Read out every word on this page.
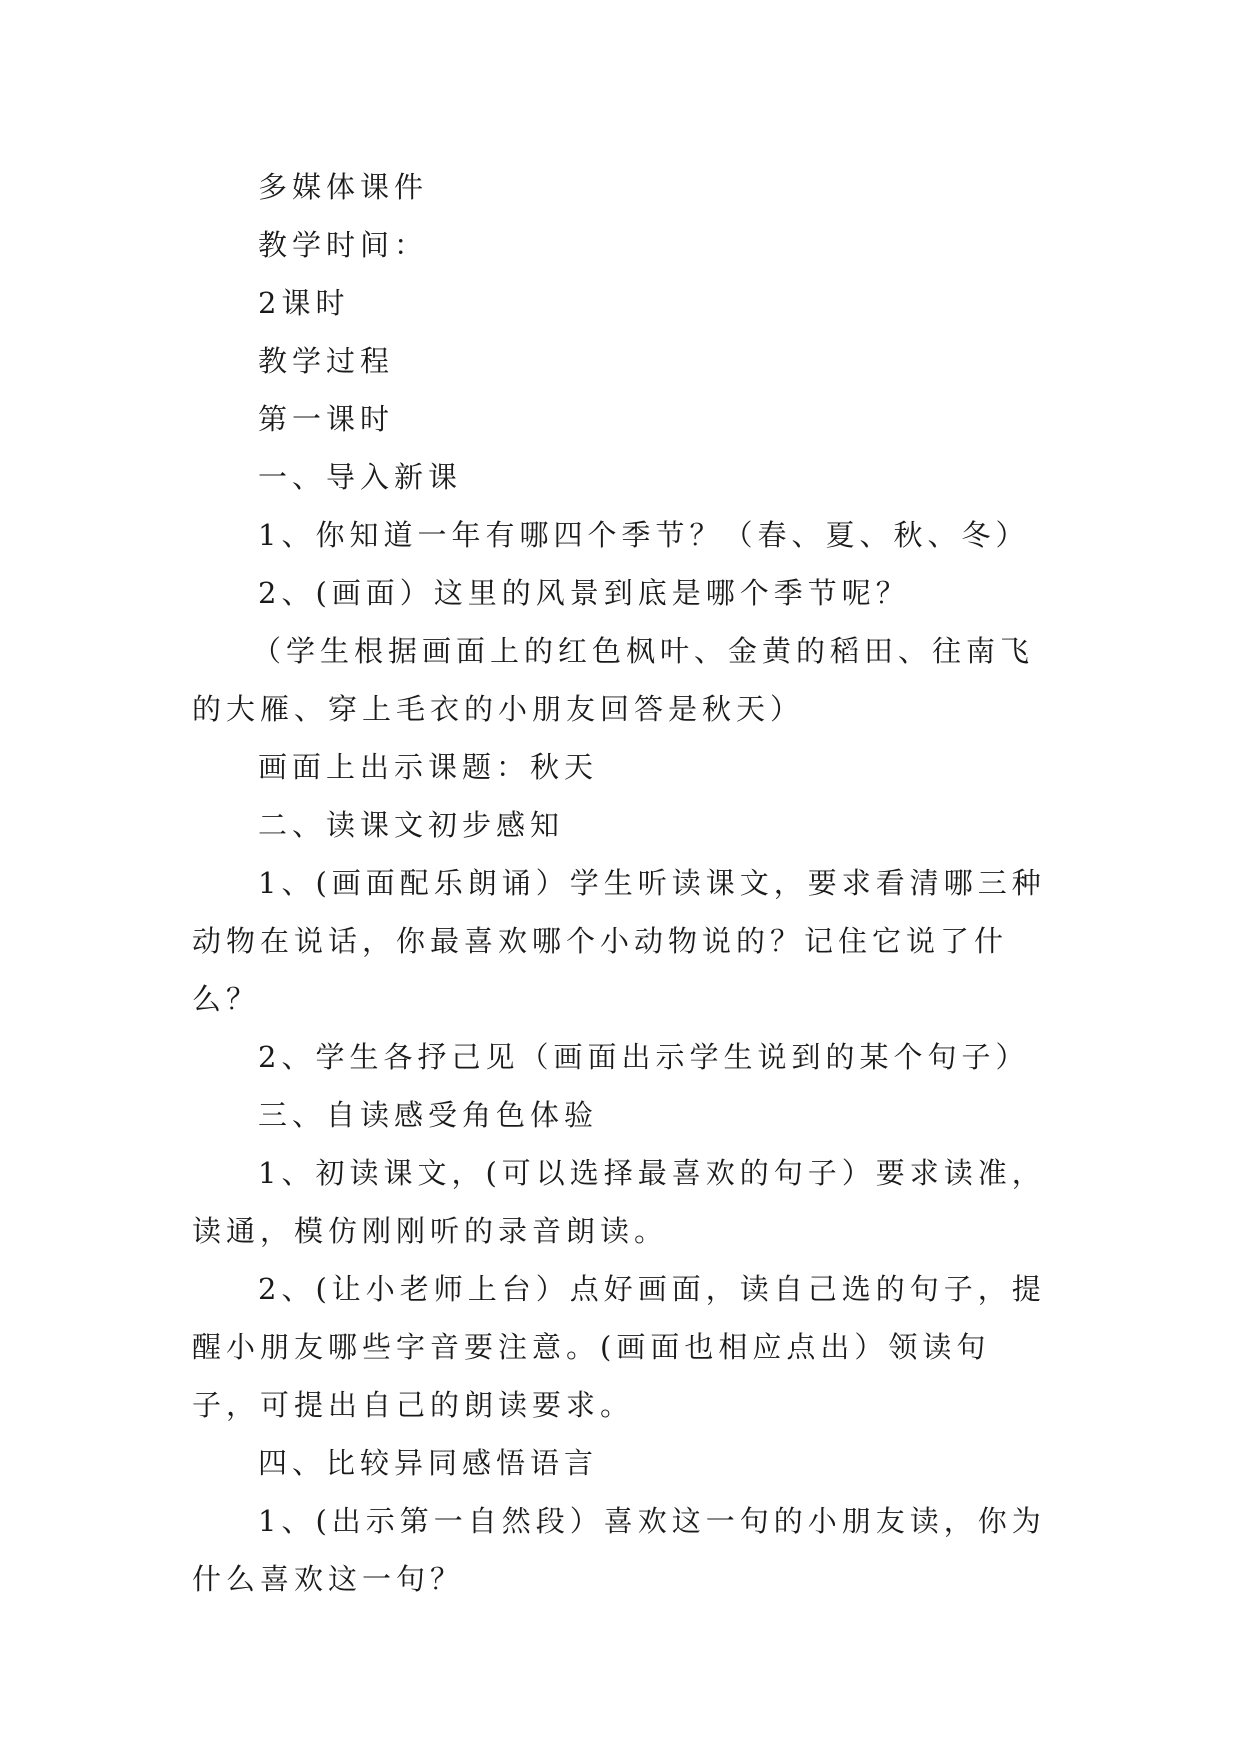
多媒体课件

教学时间：

2课时

教学过程

第一课时

一、导入新课

1、你知道一年有哪四个季节？（春、夏、秋、冬）

2、(画面）这里的风景到底是哪个季节呢？

（学生根据画面上的红色枫叶、金黄的稻田、往南飞的大雁、穿上毛衣的小朋友回答是秋天）

画面上出示课题：秋天

二、读课文初步感知

1、(画面配乐朗诵）学生听读课文，要求看清哪三种动物在说话，你最喜欢哪个小动物说的？记住它说了什么？

2、学生各抒己见（画面出示学生说到的某个句子）

三、自读感受角色体验

1、初读课文，(可以选择最喜欢的句子）要求读准，读通，模仿刚刚听的录音朗读。

2、(让小老师上台）点好画面，读自己选的句子，提醒小朋友哪些字音要注意。(画面也相应点出）领读句子，可提出自己的朗读要求。

四、比较异同感悟语言

1、(出示第一自然段）喜欢这一句的小朋友读，你为什么喜欢这一句？
